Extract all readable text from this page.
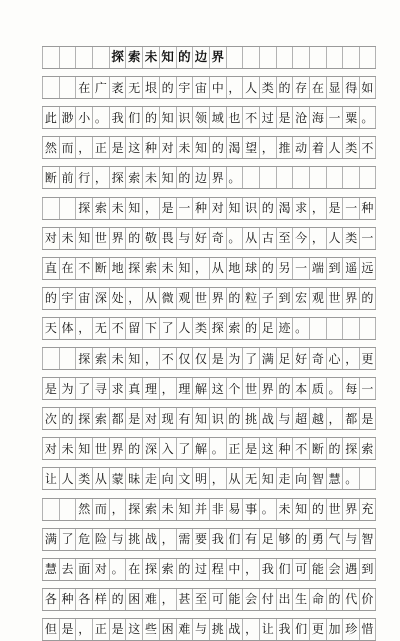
探 索 未 知 的 边 界
在 广 袤 无 垠 的 宇 宙 中 ， 人 类 的 存 在 显 得 如
此 渺 小 。 我 们 的 知 识 领 域 也 不 过 是 沧 海 一 粟 。
然 而 ， 正 是 这 种 对 未 知 的 渴 望 ， 推 动 着 人 类 不
断 前 行 ， 探 索 未 知 的 边 界 。
探 索 未 知 ， 是 一 种 对 知 识 的 渴 求 ， 是 一 种
对 未 知 世 界 的 敬 畏 与 好 奇 。 从 古 至 今 ， 人 类 一
直 在 不 断 地 探 索 未 知 ， 从 地 球 的 另 一 端 到 遥 远
的 宇 宙 深 处 ， 从 微 观 世 界 的 粒 子 到 宏 观 世 界 的
天 体 ， 无 不 留 下 了 人 类 探 索 的 足 迹 。
探 索 未 知 ， 不 仅 仅 是 为 了 满 足 好 奇 心 ， 更
是 为 了 寻 求 真 理 ， 理 解 这 个 世 界 的 本 质 。 每 一
次 的 探 索 都 是 对 现 有 知 识 的 挑 战 与 超 越 ， 都 是
对 未 知 世 界 的 深 入 了 解 。 正 是 这 种 不 断 的 探 索
让 人 类 从 蒙 昧 走 向 文 明 ， 从 无 知 走 向 智 慧 。
然 而 ， 探 索 未 知 并 非 易 事 。 未 知 的 世 界 充
满 了 危 险 与 挑 战 ， 需 要 我 们 有 足 够 的 勇 气 与 智
慧 去 面 对 。 在 探 索 的 过 程 中 ， 我 们 可 能 会 遇 到
各 种 各 样 的 困 难 ， 甚 至 可 能 会 付 出 生 命 的 代 价
但 是 ， 正 是 这 些 困 难 与 挑 战 ， 让 我 们 更 加 珍 惜
